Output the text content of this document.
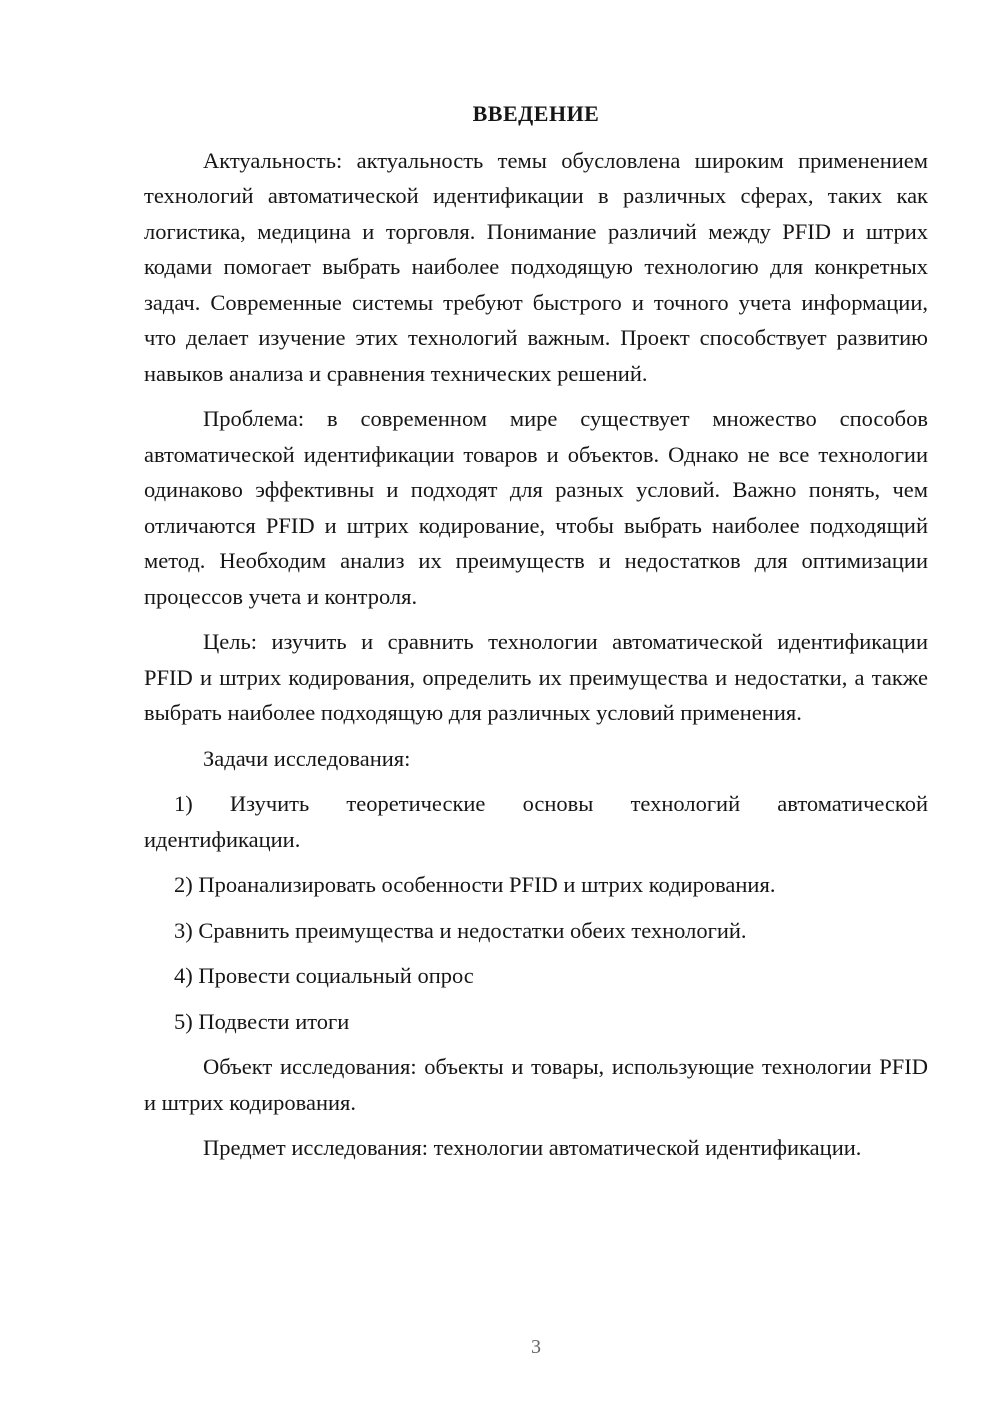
ВВЕДЕНИЕ

Актуальность: актуальность темы обусловлена широким применением технологий автоматической идентификации в различных сферах, таких как логистика, медицина и торговля. Понимание различий между PFID и штрих кодами помогает выбрать наиболее подходящую технологию для конкретных задач. Современные системы требуют быстрого и точного учета информации, что делает изучение этих технологий важным. Проект способствует развитию навыков анализа и сравнения технических решений.

Проблема: в современном мире существует множество способов автоматической идентификации товаров и объектов. Однако не все технологии одинаково эффективны и подходят для разных условий. Важно понять, чем отличаются PFID и штрих кодирование, чтобы выбрать наиболее подходящий метод. Необходим анализ их преимуществ и недостатков для оптимизации процессов учета и контроля.

Цель: изучить и сравнить технологии автоматической идентификации PFID и штрих кодирования, определить их преимущества и недостатки, а также выбрать наиболее подходящую для различных условий применения.

Задачи исследования:

1) Изучить теоретические основы технологий автоматической идентификации.

2) Проанализировать особенности PFID и штрих кодирования.

3) Сравнить преимущества и недостатки обеих технологий.

4) Провести социальный опрос

5) Подвести итоги

Объект исследования: объекты и товары, использующие технологии PFID и штрих кодирования.

Предмет исследования: технологии автоматической идентификации.

3
